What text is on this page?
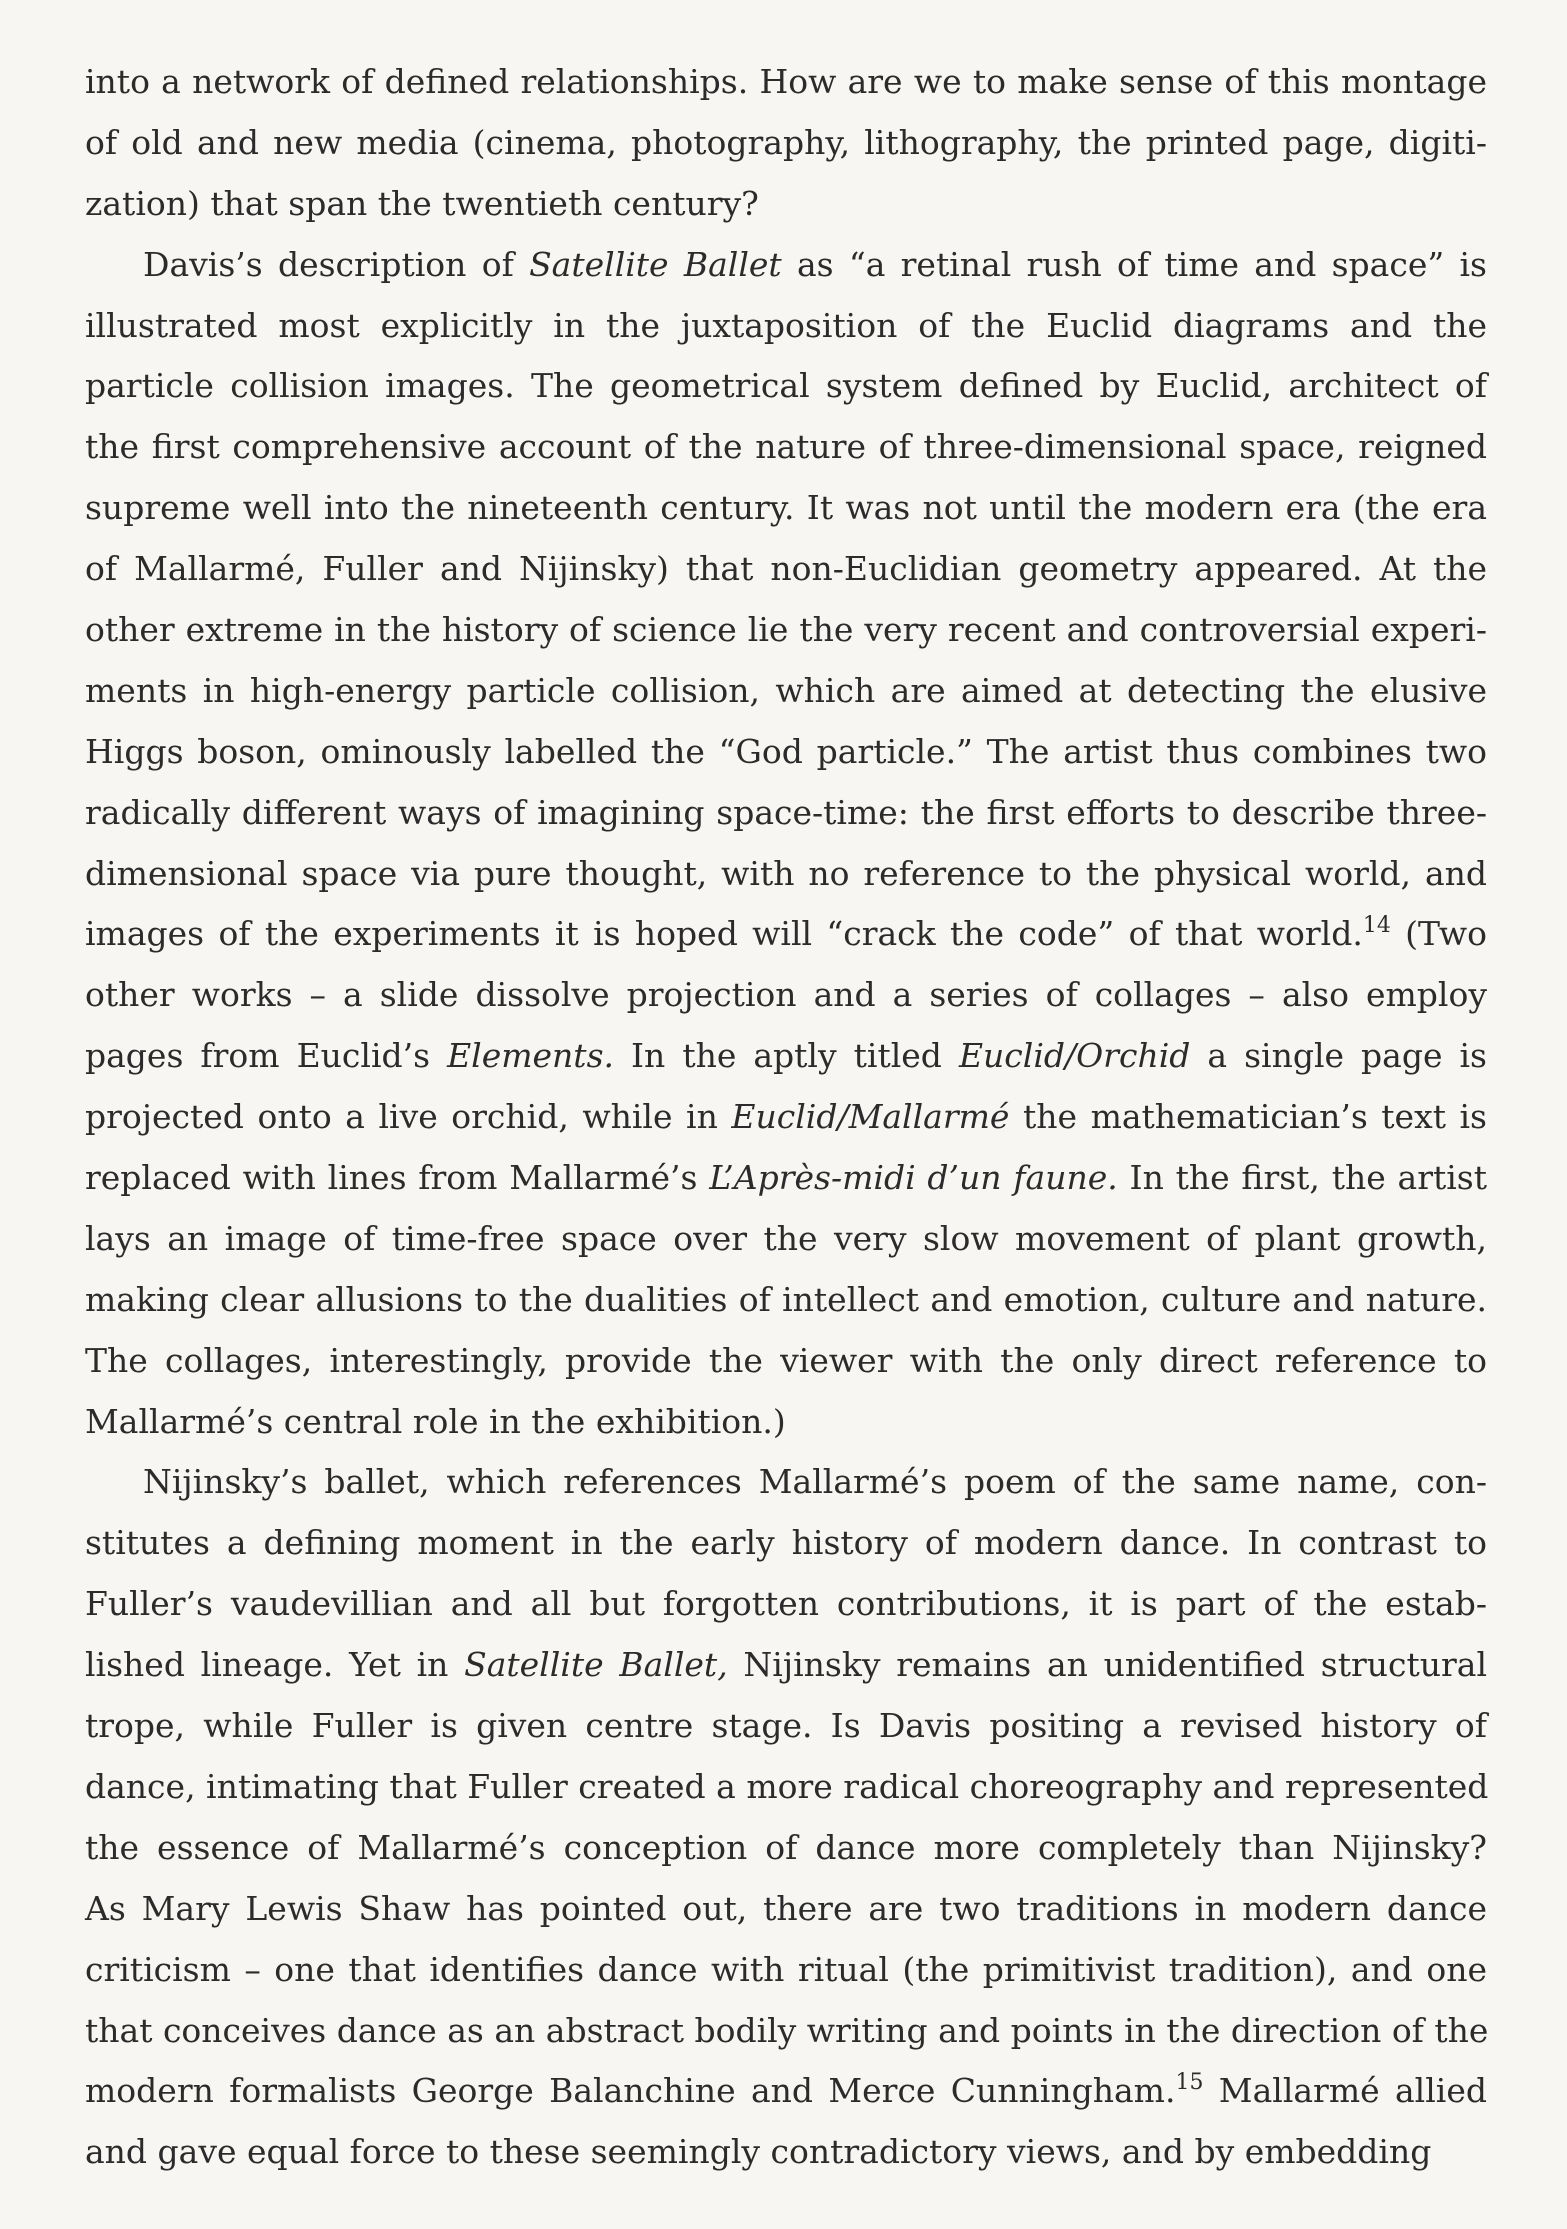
into a network of defined relationships. How are we to make sense of this montage
of old and new media (cinema, photography, lithography, the printed page, digiti-
zation) that span the twentieth century?
Davis’s description of Satellite Ballet as “a retinal rush of time and space” is
illustrated most explicitly in the juxtaposition of the Euclid diagrams and the
particle collision images. The geometrical system defined by Euclid, architect of
the first comprehensive account of the nature of three-dimensional space, reigned
supreme well into the nineteenth century. It was not until the modern era (the era
of Mallarmé, Fuller and Nijinsky) that non-Euclidian geometry appeared. At the
other extreme in the history of science lie the very recent and controversial experi-
ments in high-energy particle collision, which are aimed at detecting the elusive
Higgs boson, ominously labelled the “God particle.” The artist thus combines two
radically different ways of imagining space-time: the first efforts to describe three-
dimensional space via pure thought, with no reference to the physical world, and
images of the experiments it is hoped will “crack the code” of that world.$^{14}$ (Two
other works – a slide dissolve projection and a series of collages – also employ
pages from Euclid’s Elements. In the aptly titled Euclid/Orchid a single page is
projected onto a live orchid, while in Euclid/Mallarmé the mathematician’s text is
replaced with lines from Mallarmé’s L’Après-midi d’un faune. In the first, the artist
lays an image of time-free space over the very slow movement of plant growth,
making clear allusions to the dualities of intellect and emotion, culture and nature.
The collages, interestingly, provide the viewer with the only direct reference to
Mallarmé’s central role in the exhibition.)
Nijinsky’s ballet, which references Mallarmé’s poem of the same name, con-
stitutes a defining moment in the early history of modern dance. In contrast to
Fuller’s vaudevillian and all but forgotten contributions, it is part of the estab-
lished lineage. Yet in Satellite Ballet, Nijinsky remains an unidentified structural
trope, while Fuller is given centre stage. Is Davis positing a revised history of
dance, intimating that Fuller created a more radical choreography and represented
the essence of Mallarmé’s conception of dance more completely than Nijinsky?
As Mary Lewis Shaw has pointed out, there are two traditions in modern dance
criticism – one that identifies dance with ritual (the primitivist tradition), and one
that conceives dance as an abstract bodily writing and points in the direction of the
modern formalists George Balanchine and Merce Cunningham.$^{15}$ Mallarmé allied
and gave equal force to these seemingly contradictory views, and by embedding
